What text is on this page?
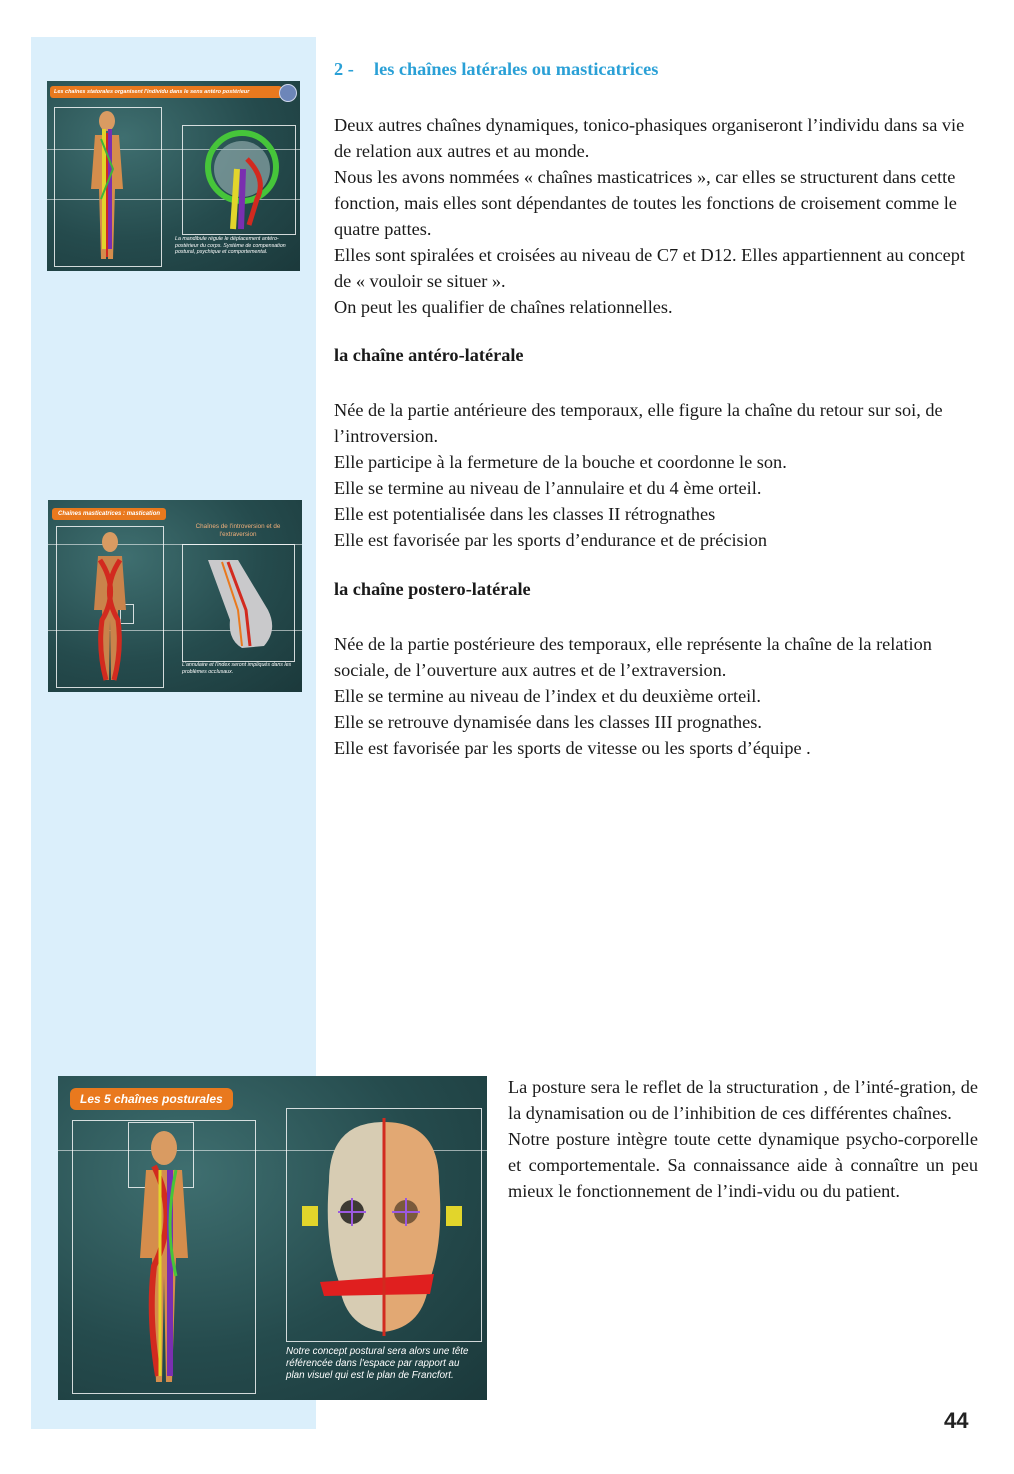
Les chaînes statorales organisent l'individu dans le sens antéro postérieur
La mandibule régule le déplacement antéro-postérieur du corps. Système de compensation postural, psychique et comportemental.
Chaînes masticatrices : mastication
Chaînes de l'introversion et de l'extraversion
L'annulaire et l'index seront impliqués dans les problèmes occlusaux.
Les 5 chaînes posturales
Notre concept postural sera alors une tête référencée dans l'espace par rapport au plan visuel qui est le plan de Francfort.
2 - les chaînes latérales ou masticatrices

Deux autres chaînes dynamiques, tonico-phasiques organiseront l’individu dans sa vie de relation aux autres et au monde.

Nous les avons nommées « chaînes masticatrices », car elles se structurent dans cette fonction, mais elles sont dépendantes de toutes les fonctions de croisement comme le quatre pattes.

Elles sont spiralées et croisées au niveau de C7 et D12. Elles appartiennent au concept de « vouloir se situer ».

On peut les qualifier de chaînes relationnelles.

la chaîne antéro-latérale

Née de la partie antérieure des temporaux, elle figure la chaîne du retour sur soi, de l’introversion.

Elle participe à la fermeture de la bouche et coordonne le son.

Elle se termine au niveau de l’annulaire et du 4 ème orteil.

Elle est potentialisée dans les classes II rétrognathes

Elle est favorisée par les sports d’endurance et de précision

la chaîne postero-latérale

Née de la partie postérieure des temporaux, elle représente la chaîne de la relation sociale, de l’ouverture aux autres et de l’extraversion.

Elle se termine au niveau de l’index et du deuxième orteil.

Elle se retrouve dynamisée dans les classes III prognathes.

Elle est favorisée par les sports de vitesse ou les sports d’équipe .

La posture sera le reflet de la structuration , de l’inté-gration, de la dynamisation ou de l’inhibition de ces différentes chaînes.

Notre posture intègre toute cette dynamique psycho-corporelle et comportementale. Sa connaissance aide à connaître un peu mieux le fonctionnement de l’indi-vidu ou du patient.

44
